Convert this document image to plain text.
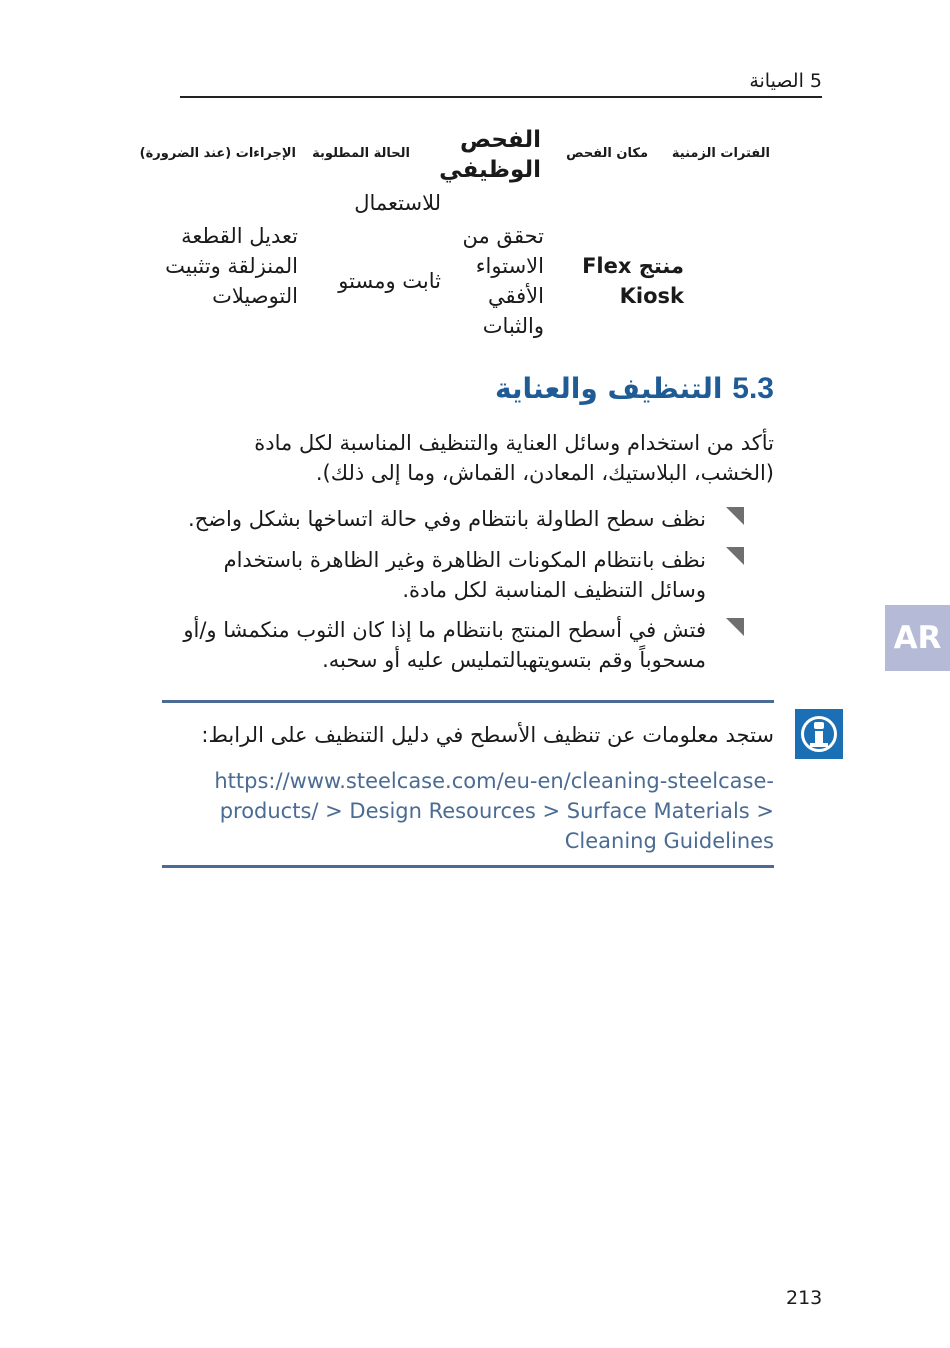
5 الصيانة
الفترات الزمنية
مكان الفحص
الفحص الوظيفي
الحالة المطلوبة
الإجراءات (عند الضرورة)
منتج Flex
Kiosk
تحقق من الاستواء الأفقي والثبات
للاستعمال
ثابت ومستو
تعديل القطعة المنزلقة وتثبيت التوصيلات
5.3 التنظيف والعناية
تأكد من استخدام وسائل العناية والتنظيف المناسبة لكل مادة (الخشب، البلاستيك، المعادن، القماش، وما إلى ذلك).
نظف سطح الطاولة بانتظام وفي حالة اتساخها بشكل واضح.
نظف بانتظام المكونات الظاهرة وغير الظاهرة باستخدام وسائل التنظيف المناسبة لكل مادة.
فتش في أسطح المنتج بانتظام ما إذا كان الثوب منكمشا و/أو مسحوباً وقم بتسويتهبالتمليس عليه أو سحبه.
ستجد معلومات عن تنظيف الأسطح في دليل التنظيف على الرابط:
https://www.steelcase.com/eu-en/cleaning-steelcase-products/ > Design Resources > Surface Materials > Cleaning Guidelines
AR
213
